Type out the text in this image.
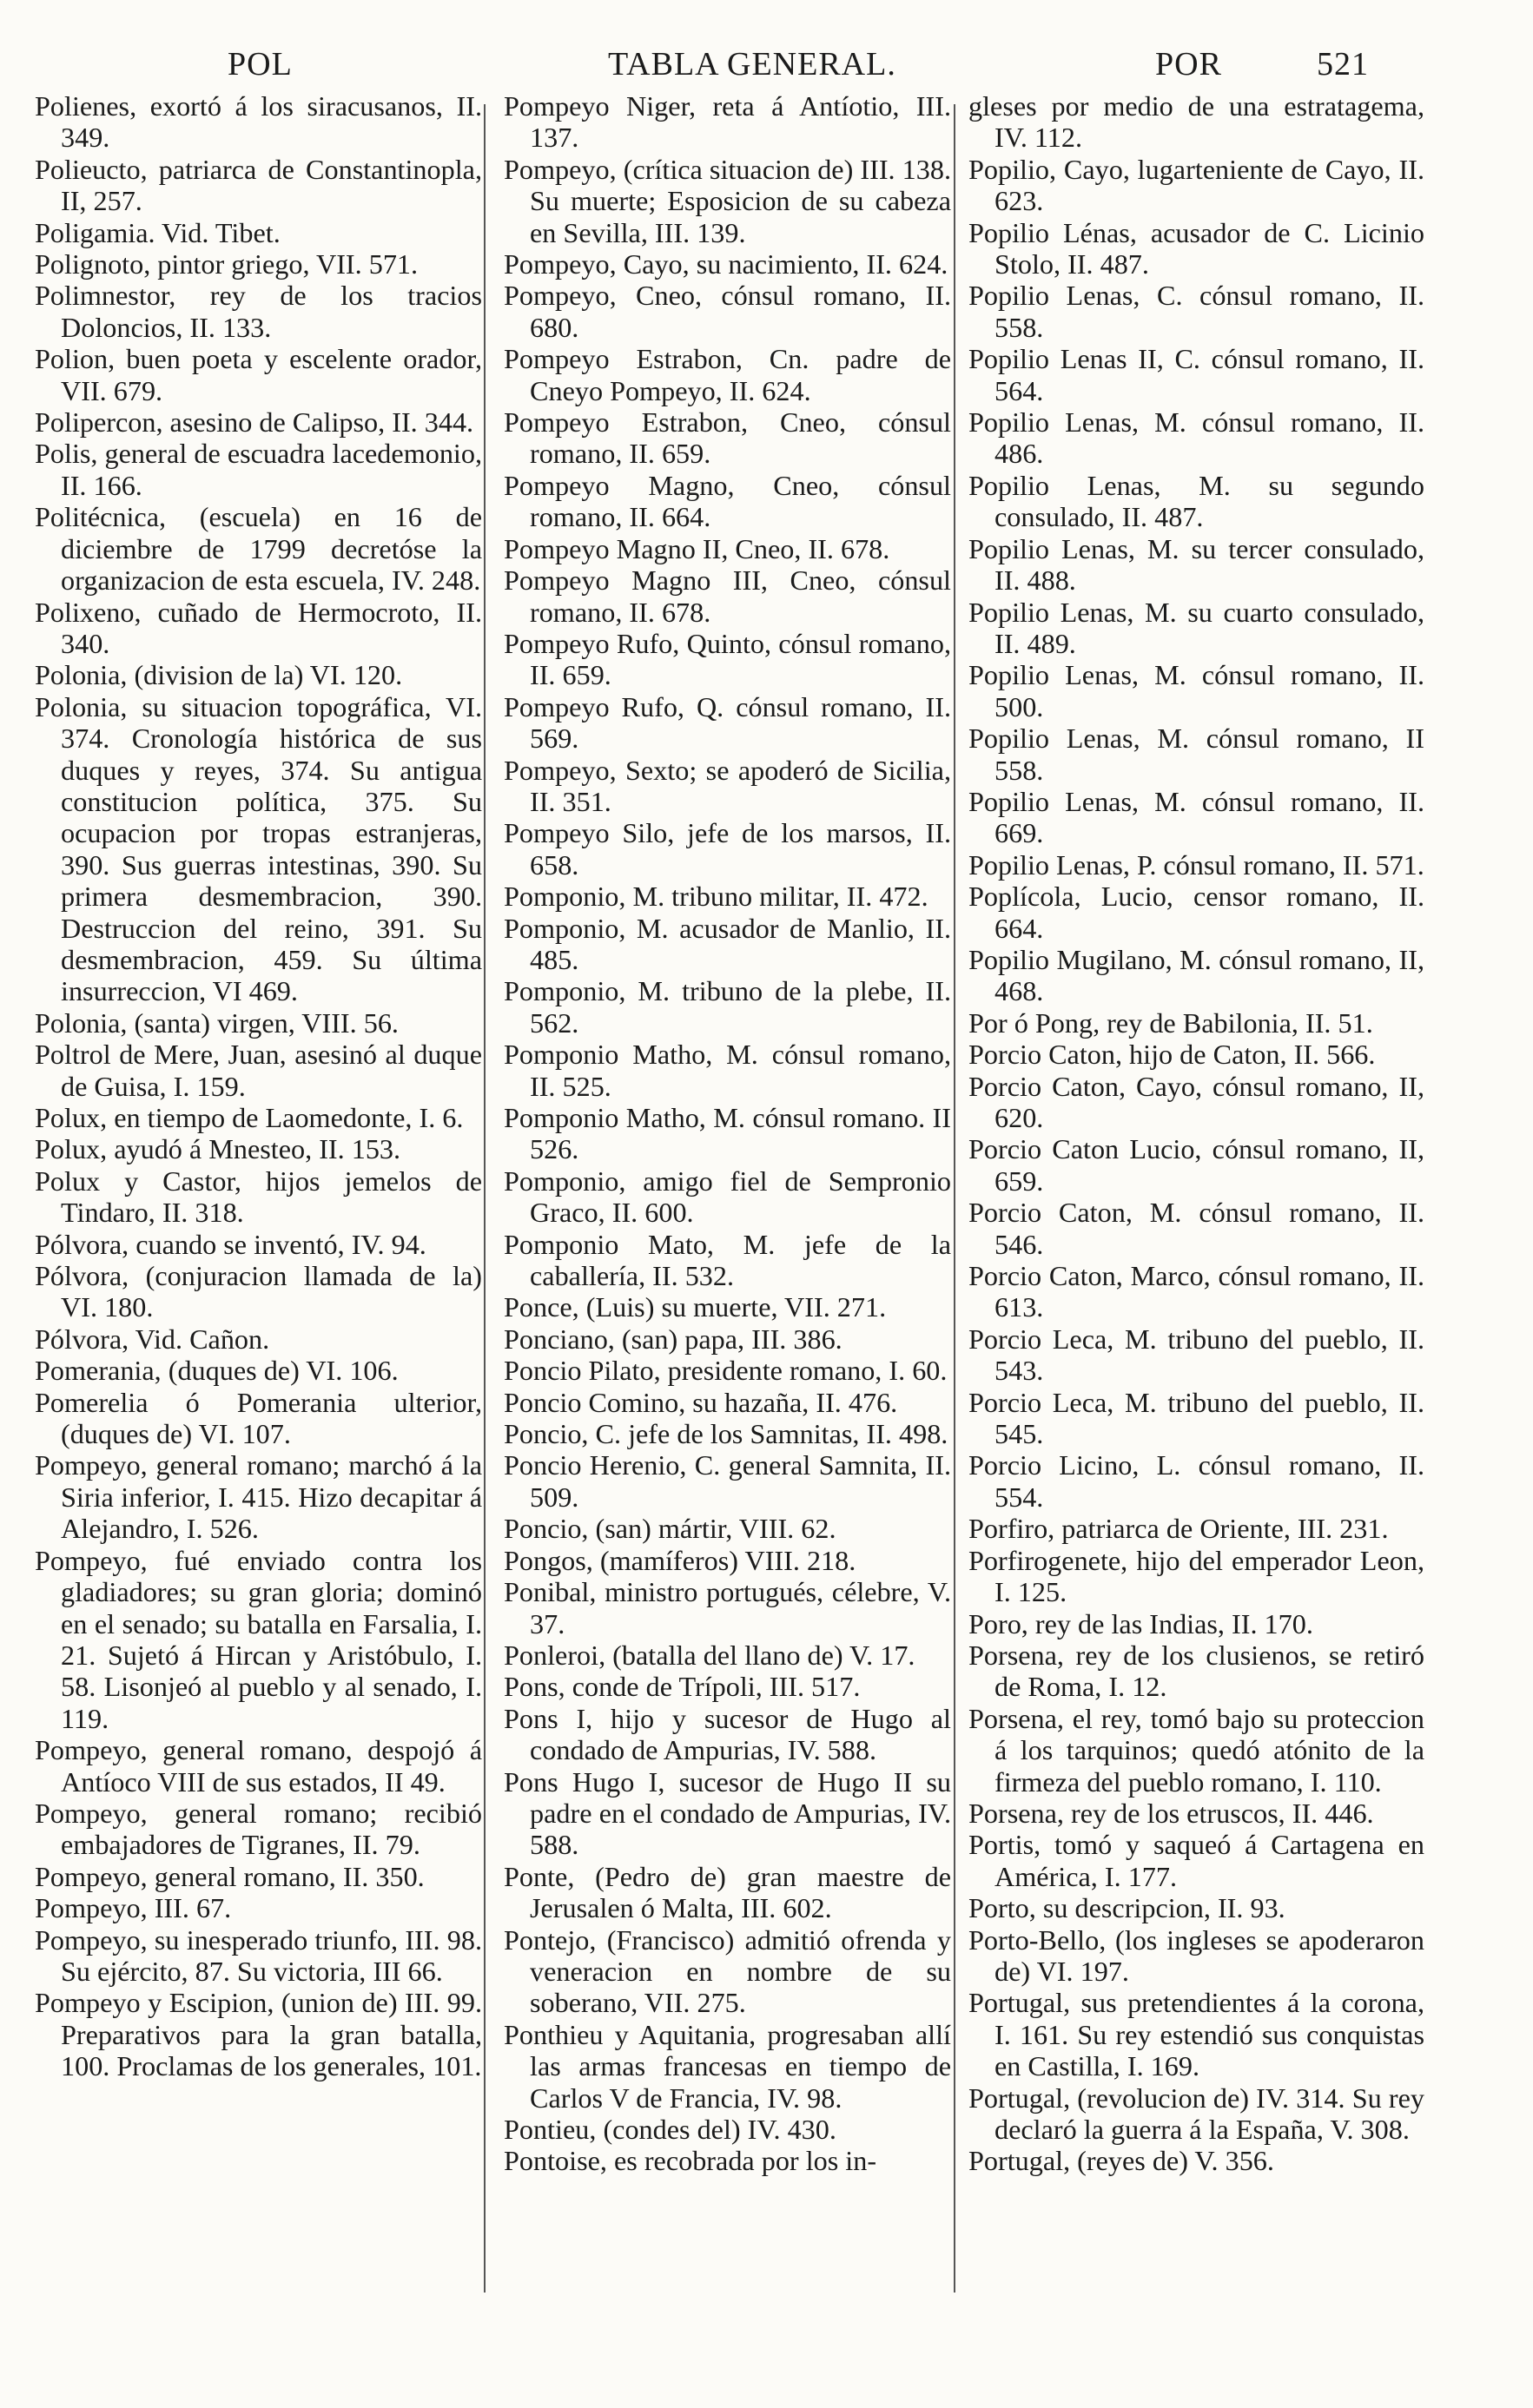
POL	TABLA GENERAL.	POR	521

Polienes, exortó á los siracusanos, II. 349.

Polieucto, patriarca de Constantinopla, II, 257.

Poligamia. Vid. Tibet.

Polignoto, pintor griego, VII. 571.

Polimnestor, rey de los tracios Doloncios, II. 133.

Polion, buen poeta y escelente orador, VII. 679.

Polipercon, asesino de Calipso, II. 344.

Polis, general de escuadra lacedemonio, II. 166.

Politécnica, (escuela) en 16 de diciembre de 1799 decretóse la organizacion de esta escuela, IV. 248.

Polixeno, cuñado de Hermocroto, II. 340.

Polonia, (division de la) VI. 120.

Polonia, su situacion topográfica, VI. 374. Cronología histórica de sus duques y reyes, 374. Su antigua constitucion política, 375. Su ocupacion por tropas estranjeras, 390. Sus guerras intestinas, 390. Su primera desmembracion, 390. Destruccion del reino, 391. Su desmembracion, 459. Su última insurreccion, VI 469.

Polonia, (santa) virgen, VIII. 56.

Poltrol de Mere, Juan, asesinó al duque de Guisa, I. 159.

Polux, en tiempo de Laomedonte, I. 6.

Polux, ayudó á Mnesteo, II. 153.

Polux y Castor, hijos jemelos de Tindaro, II. 318.

Pólvora, cuando se inventó, IV. 94.

Pólvora, (conjuracion llamada de la) VI. 180.

Pólvora, Vid. Cañon.

Pomerania, (duques de) VI. 106.

Pomerelia ó Pomerania ulterior, (duques de) VI. 107.

Pompeyo, general romano; marchó á la Siria inferior, I. 415. Hizo decapitar á Alejandro, I. 526.

Pompeyo, fué enviado contra los gladiadores; su gran gloria; dominó en el senado; su batalla en Farsalia, I. 21. Sujetó á Hircan y Aristóbulo, I. 58. Lisonjeó al pueblo y al senado, I. 119.

Pompeyo, general romano, despojó á Antíoco VIII de sus estados, II 49.

Pompeyo, general romano; recibió embajadores de Tigranes, II. 79.

Pompeyo, general romano, II. 350.

Pompeyo, III. 67.

Pompeyo, su inesperado triunfo, III. 98. Su ejército, 87. Su victoria, III 66.

Pompeyo y Escipion, (union de) III. 99. Preparativos para la gran batalla, 100. Proclamas de los generales, 101.

Pompeyo Niger, reta á Antíotio, III. 137.

Pompeyo, (crítica situacion de) III. 138. Su muerte; Esposicion de su cabeza en Sevilla, III. 139.

Pompeyo, Cayo, su nacimiento, II. 624.

Pompeyo, Cneo, cónsul romano, II. 680.

Pompeyo Estrabon, Cn. padre de Cneyo Pompeyo, II. 624.

Pompeyo Estrabon, Cneo, cónsul romano, II. 659.

Pompeyo Magno, Cneo, cónsul romano, II. 664.

Pompeyo Magno II, Cneo, II. 678.

Pompeyo Magno III, Cneo, cónsul romano, II. 678.

Pompeyo Rufo, Quinto, cónsul romano, II. 659.

Pompeyo Rufo, Q. cónsul romano, II. 569.

Pompeyo, Sexto; se apoderó de Sicilia, II. 351.

Pompeyo Silo, jefe de los marsos, II. 658.

Pomponio, M. tribuno militar, II. 472.

Pomponio, M. acusador de Manlio, II. 485.

Pomponio, M. tribuno de la plebe, II. 562.

Pomponio Matho, M. cónsul romano, II. 525.

Pomponio Matho, M. cónsul romano. II 526.

Pomponio, amigo fiel de Sempronio Graco, II. 600.

Pomponio Mato, M. jefe de la caballería, II. 532.

Ponce, (Luis) su muerte, VII. 271.

Ponciano, (san) papa, III. 386.

Poncio Pilato, presidente romano, I. 60.

Poncio Comino, su hazaña, II. 476.

Poncio, C. jefe de los Samnitas, II. 498.

Poncio Herenio, C. general Samnita, II. 509.

Poncio, (san) mártir, VIII. 62.

Pongos, (mamíferos) VIII. 218.

Ponibal, ministro portugués, célebre, V. 37.

Ponleroi, (batalla del llano de) V. 17.

Pons, conde de Trípoli, III. 517.

Pons I, hijo y sucesor de Hugo al condado de Ampurias, IV. 588.

Pons Hugo I, sucesor de Hugo II su padre en el condado de Ampurias, IV. 588.

Ponte, (Pedro de) gran maestre de Jerusalen ó Malta, III. 602.

Pontejo, (Francisco) admitió ofrenda y veneracion en nombre de su soberano, VII. 275.

Ponthieu y Aquitania, progresaban allí las armas francesas en tiempo de Carlos V de Francia, IV. 98.

Pontieu, (condes del) IV. 430.

Pontoise, es recobrada por los in-

gleses por medio de una estratagema, IV. 112.

Popilio, Cayo, lugarteniente de Cayo, II. 623.

Popilio Lénas, acusador de C. Licinio Stolo, II. 487.

Popilio Lenas, C. cónsul romano, II. 558.

Popilio Lenas II, C. cónsul romano, II. 564.

Popilio Lenas, M. cónsul romano, II. 486.

Popilio Lenas, M. su segundo consulado, II. 487.

Popilio Lenas, M. su tercer consulado, II. 488.

Popilio Lenas, M. su cuarto consulado, II. 489.

Popilio Lenas, M. cónsul romano, II. 500.

Popilio Lenas, M. cónsul romano, II 558.

Popilio Lenas, M. cónsul romano, II. 669.

Popilio Lenas, P. cónsul romano, II. 571.

Poplícola, Lucio, censor romano, II. 664.

Popilio Mugilano, M. cónsul romano, II, 468.

Por ó Pong, rey de Babilonia, II. 51.

Porcio Caton, hijo de Caton, II. 566.

Porcio Caton, Cayo, cónsul romano, II, 620.

Porcio Caton Lucio, cónsul romano, II, 659.

Porcio Caton, M. cónsul romano, II. 546.

Porcio Caton, Marco, cónsul romano, II. 613.

Porcio Leca, M. tribuno del pueblo, II. 543.

Porcio Leca, M. tribuno del pueblo, II. 545.

Porcio Licino, L. cónsul romano, II. 554.

Porfiro, patriarca de Oriente, III. 231.

Porfirogenete, hijo del emperador Leon, I. 125.

Poro, rey de las Indias, II. 170.

Porsena, rey de los clusienos, se retiró de Roma, I. 12.

Porsena, el rey, tomó bajo su proteccion á los tarquinos; quedó atónito de la firmeza del pueblo romano, I. 110.

Porsena, rey de los etruscos, II. 446.

Portis, tomó y saqueó á Cartagena en América, I. 177.

Porto, su descripcion, II. 93.

Porto-Bello, (los ingleses se apoderaron de) VI. 197.

Portugal, sus pretendientes á la corona, I. 161. Su rey estendió sus conquistas en Castilla, I. 169.

Portugal, (revolucion de) IV. 314. Su rey declaró la guerra á la España, V. 308.

Portugal, (reyes de) V. 356.
